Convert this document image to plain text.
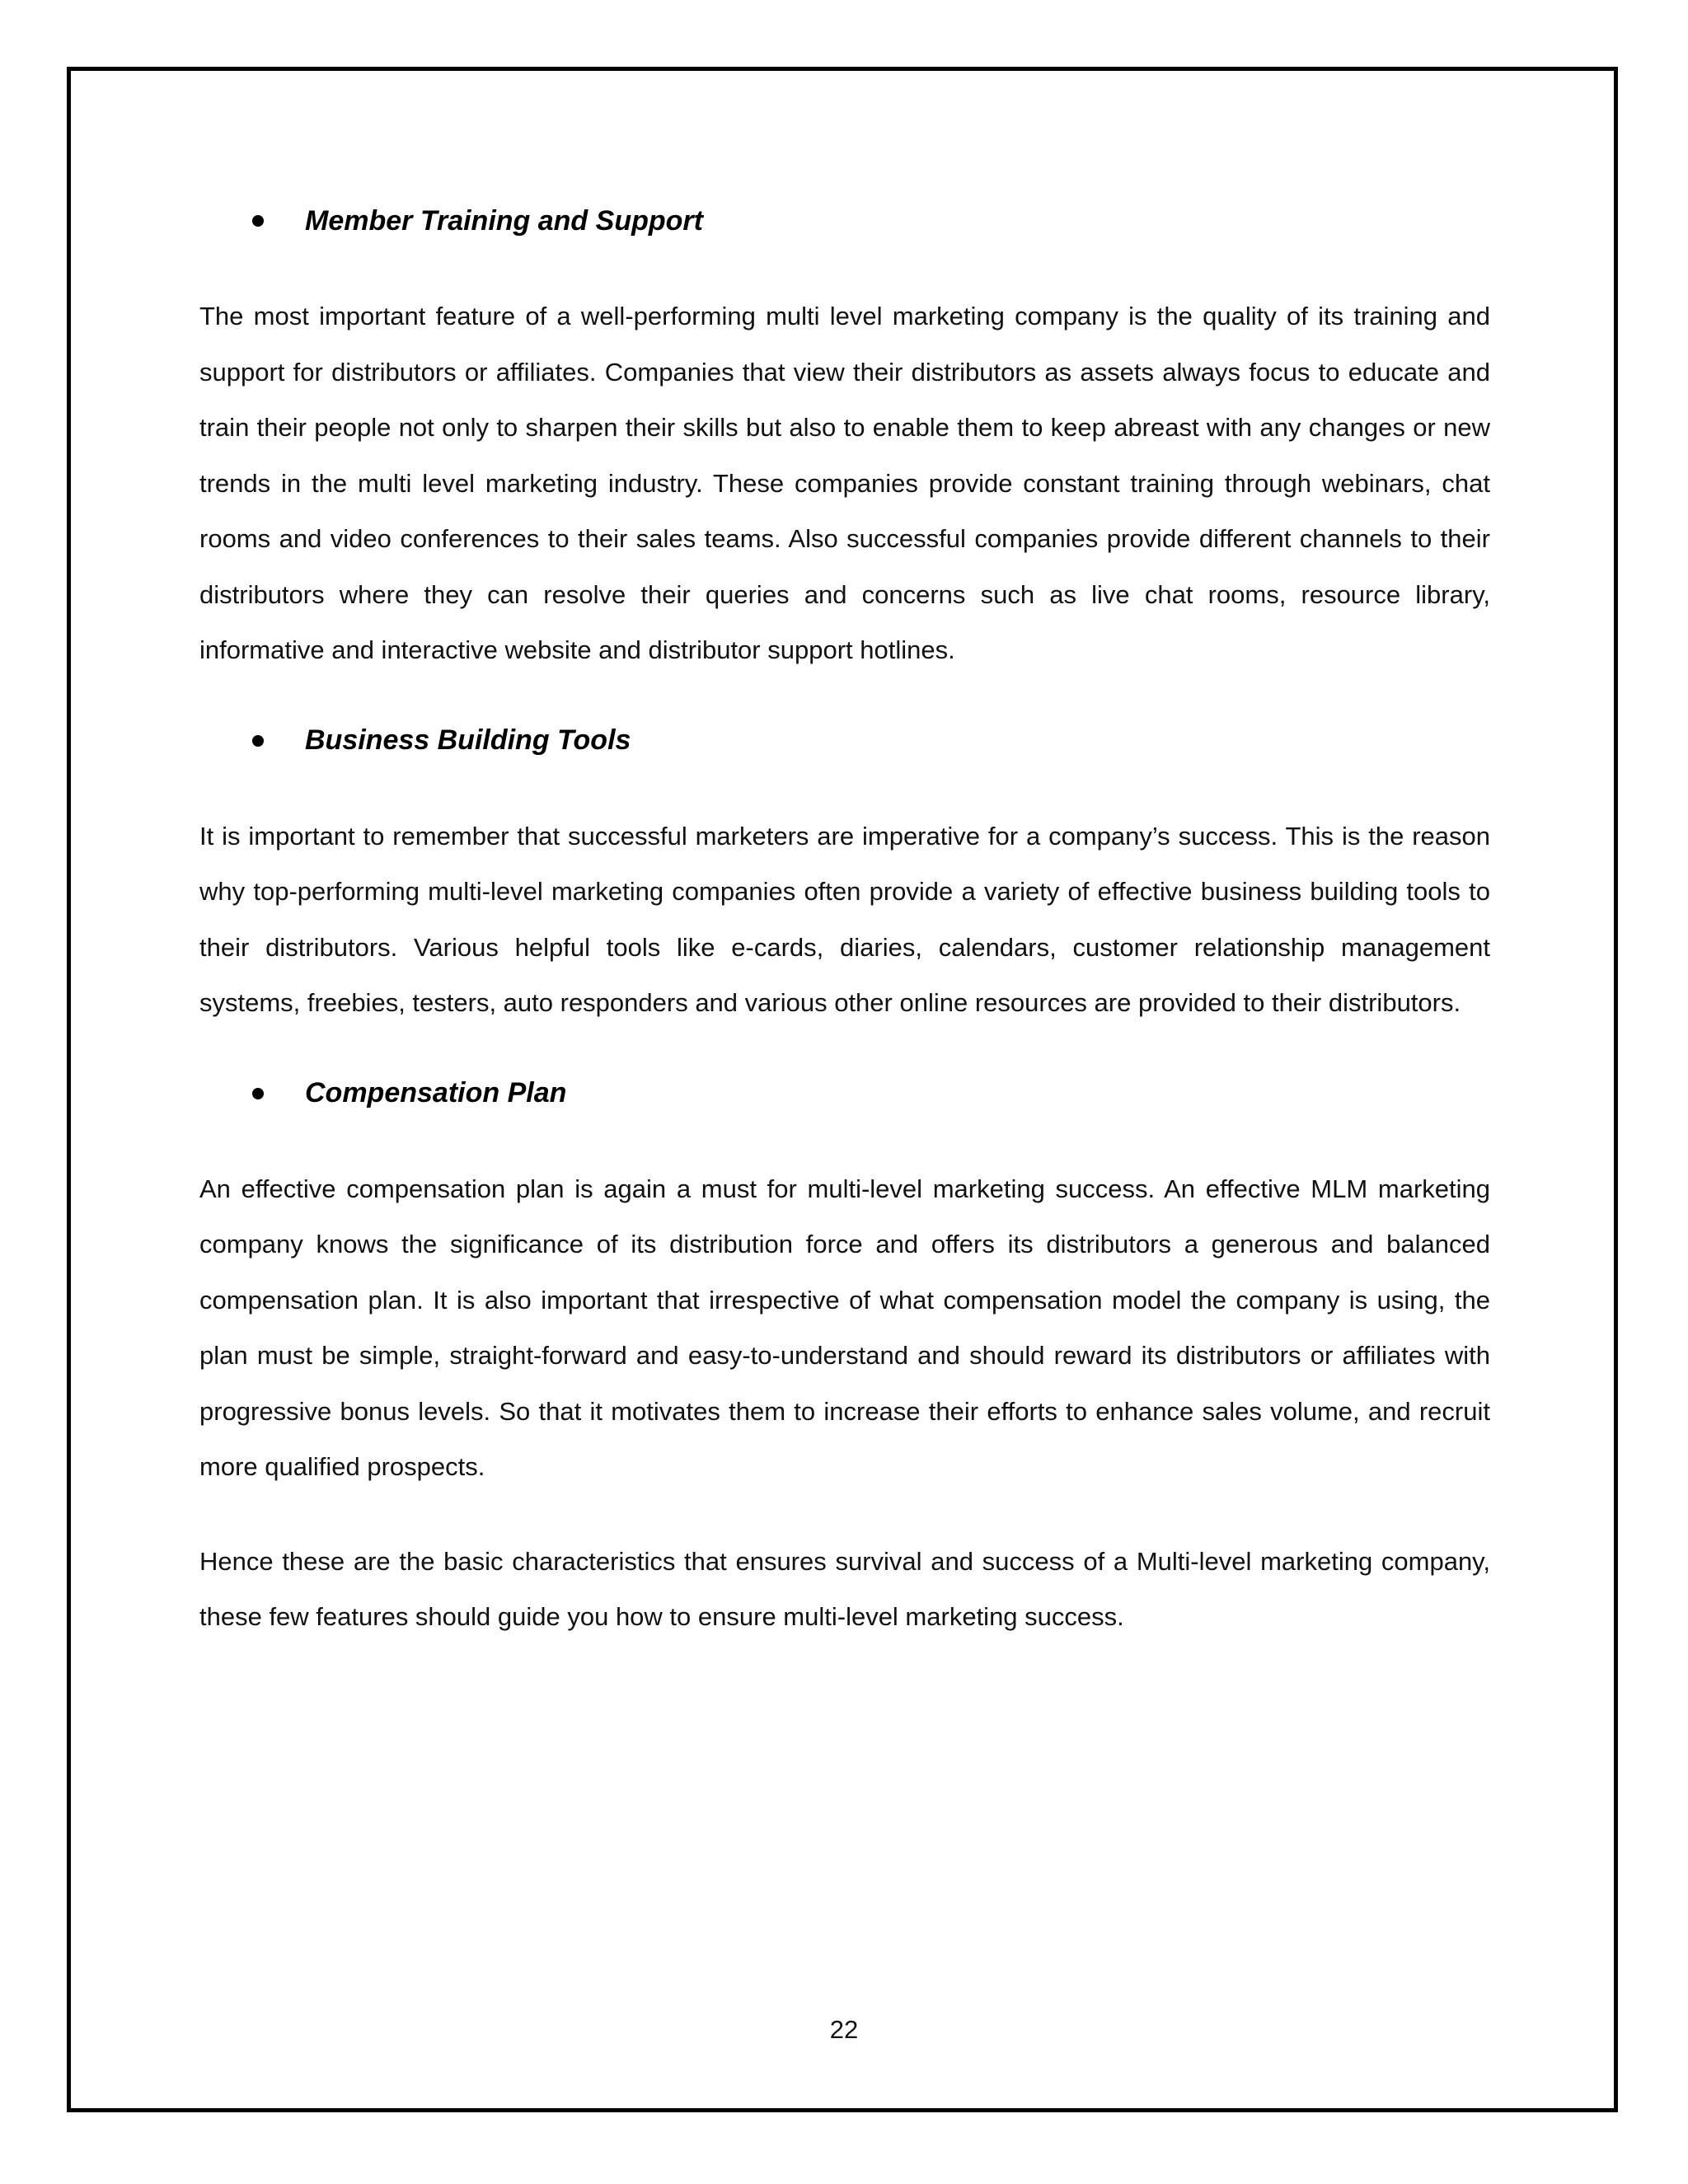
Member Training and Support

The most important feature of a well-performing multi level marketing company is the quality of its training and support for distributors or affiliates. Companies that view their distributors as assets always focus to educate and train their people not only to sharpen their skills but also to enable them to keep abreast with any changes or new trends in the multi level marketing industry. These companies provide constant training through webinars, chat rooms and video conferences to their sales teams. Also successful companies provide different channels to their distributors where they can resolve their queries and concerns such as live chat rooms, resource library, informative and interactive website and distributor support hotlines.

Business Building Tools

It is important to remember that successful marketers are imperative for a company’s success. This is the reason why top-performing multi-level marketing companies often provide a variety of effective business building tools to their distributors. Various helpful tools like e-cards, diaries, calendars, customer relationship management systems, freebies, testers, auto responders and various other online resources are provided to their distributors.

Compensation Plan

An effective compensation plan is again a must for multi-level marketing success. An effective MLM marketing company knows the significance of its distribution force and offers its distributors a generous and balanced compensation plan. It is also important that irrespective of what compensation model the company is using, the plan must be simple, straight-forward and easy-to-understand and should reward its distributors or affiliates with progressive bonus levels. So that it motivates them to increase their efforts to enhance sales volume, and recruit more qualified prospects.

Hence these are the basic characteristics that ensures survival and success of a Multi-level marketing company, these few features should guide you how to ensure multi-level marketing success.

22
